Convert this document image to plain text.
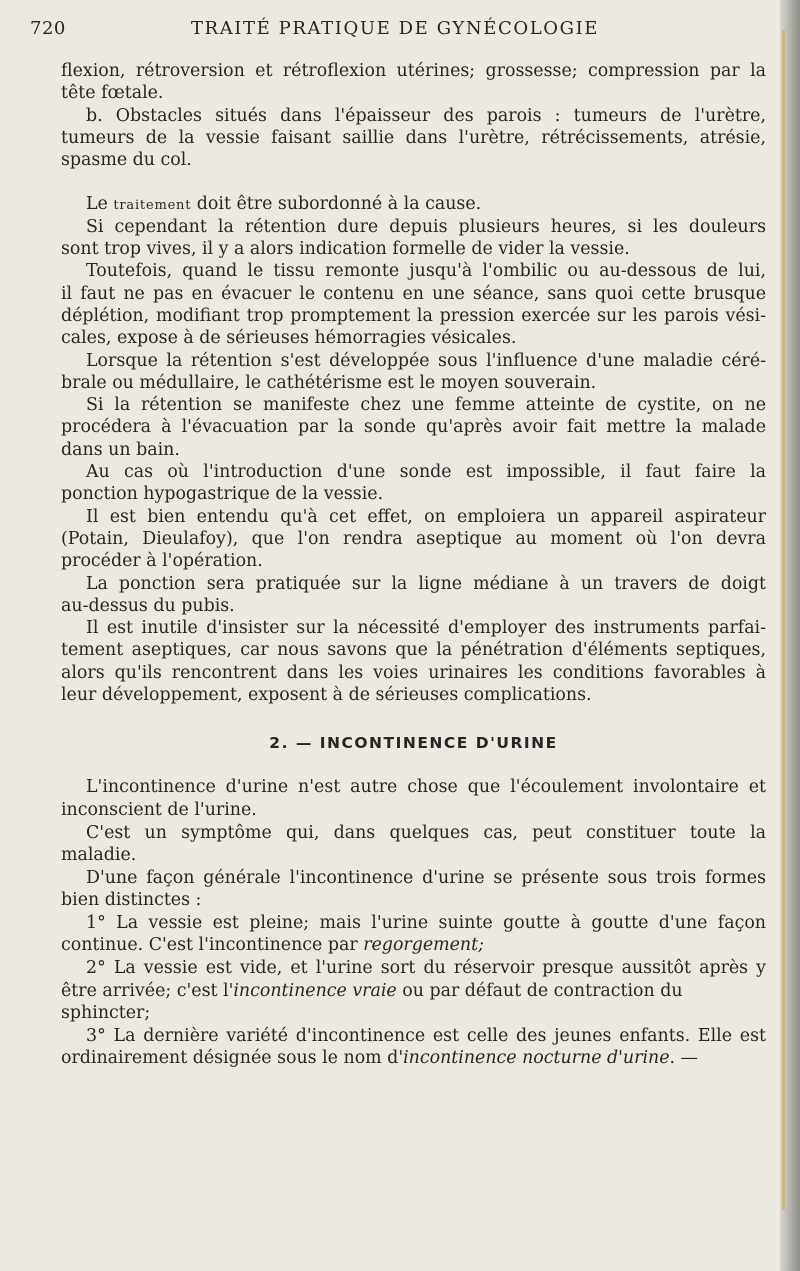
720	TRAITÉ PRATIQUE DE GYNÉCOLOGIE
flexion, rétroversion et rétroflexion utérines; grossesse; compression par la
tête fœtale.
b. Obstacles situés dans l'épaisseur des parois : tumeurs de l'urètre,
tumeurs de la vessie faisant saillie dans l'urètre, rétrécissements, atrésie,
spasme du col.
Le traitement doit être subordonné à la cause.
Si cependant la rétention dure depuis plusieurs heures, si les douleurs
sont trop vives, il y a alors indication formelle de vider la vessie.
Toutefois, quand le tissu remonte jusqu'à l'ombilic ou au-dessous de lui,
il faut ne pas en évacuer le contenu en une séance, sans quoi cette brusque
déplétion, modifiant trop promptement la pression exercée sur les parois vési-
cales, expose à de sérieuses hémorragies vésicales.
Lorsque la rétention s'est développée sous l'influence d'une maladie céré-
brale ou médullaire, le cathétérisme est le moyen souverain.
Si la rétention se manifeste chez une femme atteinte de cystite, on ne
procédera à l'évacuation par la sonde qu'après avoir fait mettre la malade
dans un bain.
Au cas où l'introduction d'une sonde est impossible, il faut faire la
ponction hypogastrique de la vessie.
Il est bien entendu qu'à cet effet, on emploiera un appareil aspirateur
(Potain, Dieulafoy), que l'on rendra aseptique au moment où l'on devra
procéder à l'opération.
La ponction sera pratiquée sur la ligne médiane à un travers de doigt
au-dessus du pubis.
Il est inutile d'insister sur la nécessité d'employer des instruments parfai-
tement aseptiques, car nous savons que la pénétration d'éléments septiques,
alors qu'ils rencontrent dans les voies urinaires les conditions favorables à
leur développement, exposent à de sérieuses complications.
2. — INCONTINENCE D'URINE
L'incontinence d'urine n'est autre chose que l'écoulement involontaire et
inconscient de l'urine.
C'est un symptôme qui, dans quelques cas, peut constituer toute la
maladie.
D'une façon générale l'incontinence d'urine se présente sous trois formes
bien distinctes :
1° La vessie est pleine; mais l'urine suinte goutte à goutte d'une façon
continue. C'est l'incontinence par regorgement;
2° La vessie est vide, et l'urine sort du réservoir presque aussitôt après y
être arrivée; c'est l'incontinence vraie ou par défaut de contraction du
sphincter;
3° La dernière variété d'incontinence est celle des jeunes enfants. Elle est
ordinairement désignée sous le nom d'incontinence nocturne d'urine. —
